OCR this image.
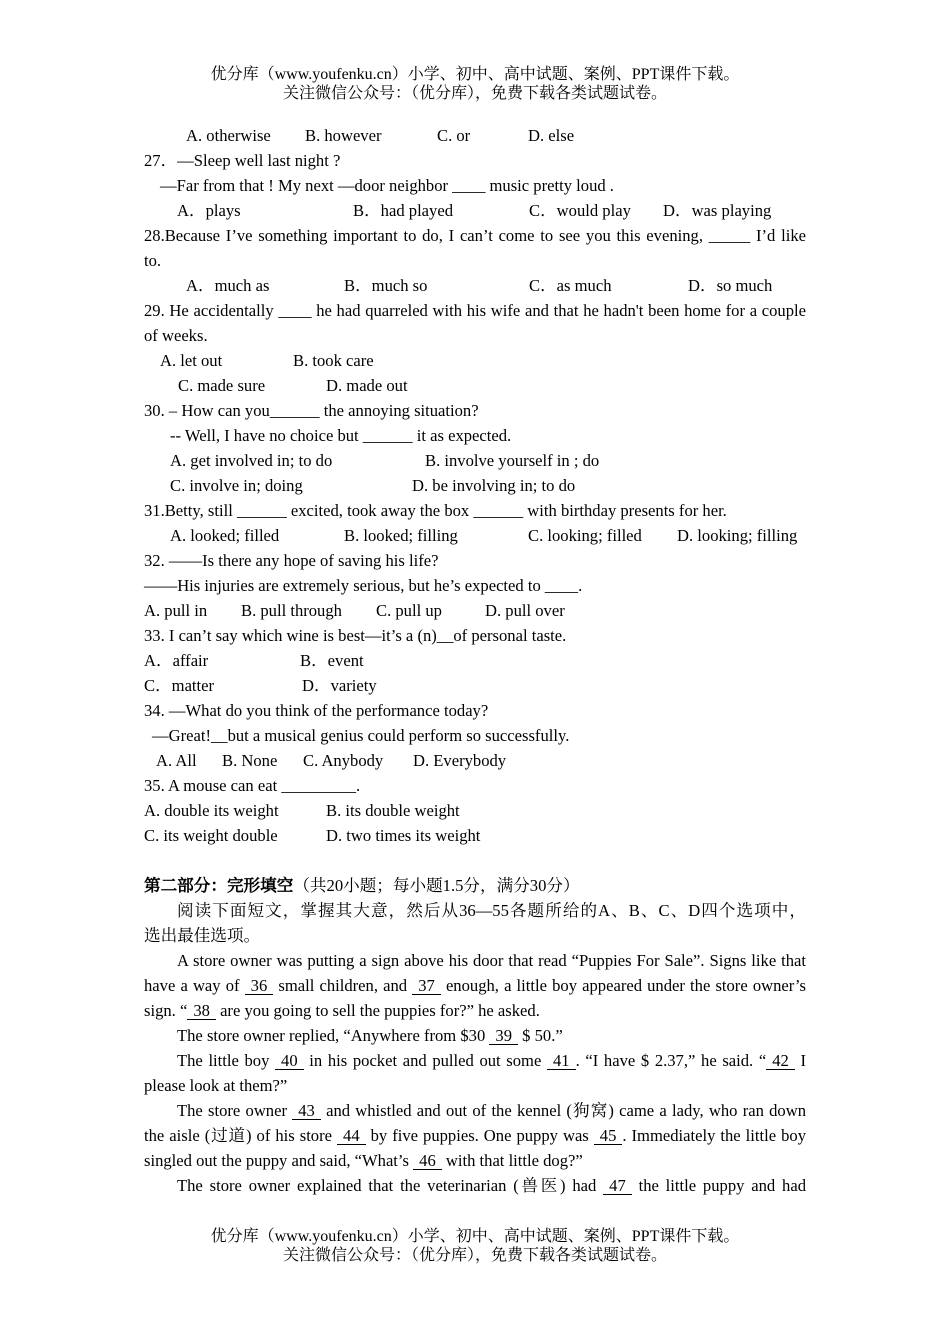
优分库（www.youfenku.cn）小学、初中、高中试题、案例、PPT课件下载。
关注微信公众号：（优分库），免费下载各类试题试卷。
A. otherwise B. however	C. or	D. else
27．—Sleep well last night ?
—Far from that ! My next —door neighbor ____ music pretty loud .
A．plays	B．had played	C．would play D．was playing
28.Because I’ve something important to do, I can’t come to see you this evening, _____ I’d like
to.
A．much as	B．much so	C．as much	D．so much
29. He accidentally ____ he had quarreled with his wife and that he hadn't been home for a couple
of weeks.
A. let out	B. took care
C. made sure	D. made out
30. – How can you______ the annoying situation?
-- Well, I have no choice but ______ it as expected.
A. get involved in; to do	B. involve yourself in ; do
C. involve in; doing	D. be involving in; to do
31.Betty, still ______ excited, took away the box ______ with birthday presents for her.
A. looked; filled	B. looked; filling	C. looking; filled D. looking; filling
32. ——Is there any hope of saving his life?
——His injuries are extremely serious, but he’s expected to ____.
A. pull in B. pull through C. pull up	D. pull over
33. I can’t say which wine is best—it’s a (n)__of personal taste.
A．affair	B．event
C．matter	D．variety
34. —What do you think of the performance today?
—Great!__but a musical genius could perform so successfully.
A. All B. None C. Anybody D. Everybody
35. A mouse can eat _________.
A. double its weight	B. its double weight
C. its weight double	D. two times its weight
第二部分：完形填空（共20小题；每小题1.5分，满分30分）
阅读下面短文，掌握其大意，然后从36—55各题所给的A、B、C、D四个选项中，
选出最佳选项。
A store owner was putting a sign above his door that read “Puppies For Sale”. Signs like that
have a way of 36 small children, and 37 enough, a little boy appeared under the store owner’s
sign. “ 38 are you going to sell the puppies for?” he asked.
The store owner replied, “Anywhere from $30 39 $ 50.”
The little boy 40 in his pocket and pulled out some 41 . “I have $ 2.37,” he said. “ 42 I
please look at them?”
The store owner 43 and whistled and out of the kennel (狗窝) came a lady, who ran down
the aisle (过道) of his store 44 by five puppies. One puppy was 45 . Immediately the little boy
singled out the puppy and said, “What’s 46 with that little dog?”
The store owner explained that the veterinarian (兽医) had 47 the little puppy and had
优分库（www.youfenku.cn）小学、初中、高中试题、案例、PPT课件下载。
关注微信公众号：（优分库），免费下载各类试题试卷。
